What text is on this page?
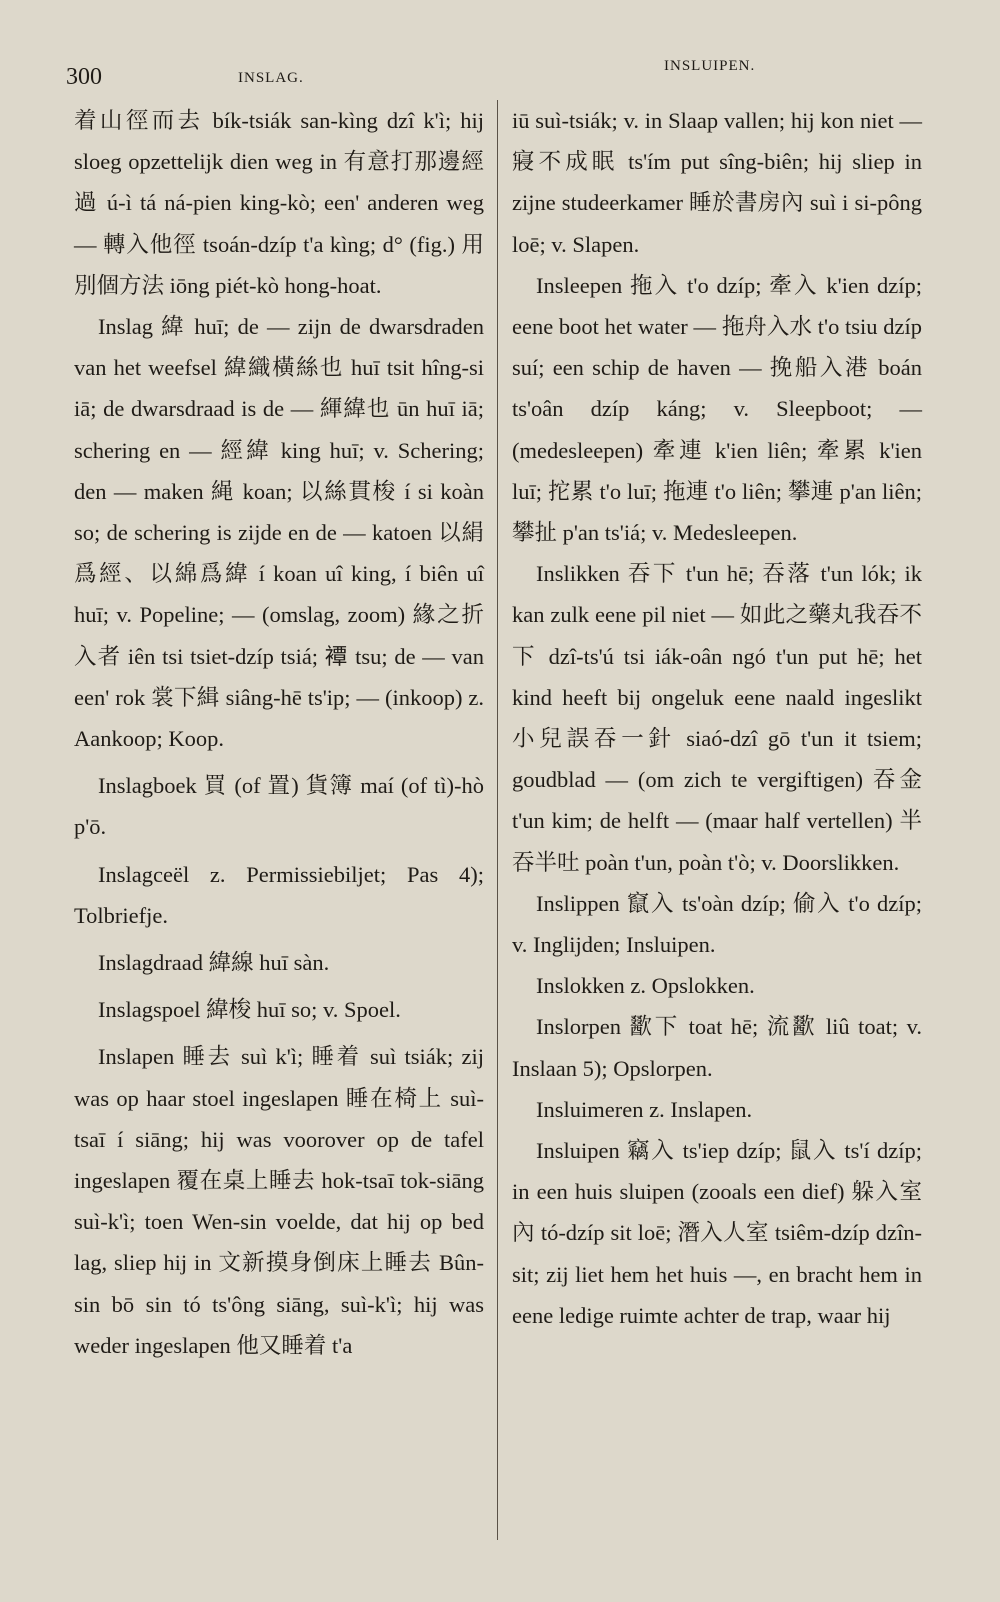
300	INSLAG.
INSLUIPEN.

着山徑而去 bík-tsiák san-kìng dzî k'ì; hij sloeg opzettelijk dien weg in 有意打那邊經過 ú-ì tá ná-pien king-kò; een' anderen weg — 轉入他徑 tsoán-dzíp t'a kìng; d° (fig.) 用別個方法 iōng piét-kò hong-hoat.

Inslag 緯 huī; de — zijn de dwarsdraden van het weefsel 緯織橫絲也 huī tsit hîng-si iā; de dwarsdraad is de — 緷緯也 ūn huī iā; schering en — 經緯 king huī; v. Schering; den — maken 䋲 koan; 以絲貫梭 í si koàn so; de schering is zijde en de — katoen 以絹爲經、以綿爲緯 í koan uî king, í biên uî huī; v. Popeline; — (omslag, zoom) 緣之折入者 iên tsi tsiet-dzíp tsiá; 𧝓 tsu; de — van een' rok 裳下緝 siâng-hē ts'ip; — (inkoop) z. Aankoop; Koop.

Inslagboek 買 (of 置) 貨簿 maí (of tì)-hò p'ō.

Inslagceël z. Permissiebiljet; Pas 4); Tolbriefje.

Inslagdraad 緯線 huī sàn.

Inslagspoel 緯梭 huī so; v. Spoel.

Inslapen 睡去 suì k'ì; 睡着 suì tsiák; zij was op haar stoel ingeslapen 睡在椅上 suì-tsaī í siāng; hij was voorover op de tafel ingeslapen 覆在桌上睡去 hok-tsaī tok-siāng suì-k'ì; toen Wen-sin voelde, dat hij op bed lag, sliep hij in 文新摸身倒床上睡去 Bûn-sin bō sin tó ts'ông siāng, suì-k'ì; hij was weder ingeslapen 他又睡着 t'a

iū suì-tsiák; v. in Slaap vallen; hij kon niet — 寢不成眠 ts'ím put sîng-biên; hij sliep in zijne studeerkamer 睡於書房內 suì i si-pông loē; v. Slapen.

Insleepen 拖入 t'o dzíp; 牽入 k'ien dzíp; eene boot het water — 拖舟入水 t'o tsiu dzíp suí; een schip de haven — 挽船入港 boán ts'oân dzíp káng; v. Sleepboot; — (medesleepen) 牽連 k'ien liên; 牽累 k'ien luī; 拕累 t'o luī; 拖連 t'o liên; 攀連 p'an liên; 攀扯 p'an ts'iá; v. Medesleepen.

Inslikken 吞下 t'un hē; 吞落 t'un lók; ik kan zulk eene pil niet — 如此之藥丸我吞不下 dzî-ts'ú tsi iák-oân ngó t'un put hē; het kind heeft bij ongeluk eene naald ingeslikt 小兒誤吞一針 siaó-dzî gō t'un it tsiem; goudblad — (om zich te vergiftigen) 吞金 t'un kim; de helft — (maar half vertellen) 半吞半吐 poàn t'un, poàn t'ò; v. Doorslikken.

Inslippen 竄入 ts'oàn dzíp; 偷入 t'o dzíp; v. Inglijden; Insluipen.

Inslokken z. Opslokken.

Inslorpen 歠下 toat hē; 流歠 liû toat; v. Inslaan 5); Opslorpen.

Insluimeren z. Inslapen.

Insluipen 竊入 ts'iep dzíp; 鼠入 ts'í dzíp; in een huis sluipen (zooals een dief) 躲入室內 tó-dzíp sit loē; 潛入人室 tsiêm-dzíp dzîn-sit; zij liet hem het huis —, en bracht hem in eene ledige ruimte achter de trap, waar hij
